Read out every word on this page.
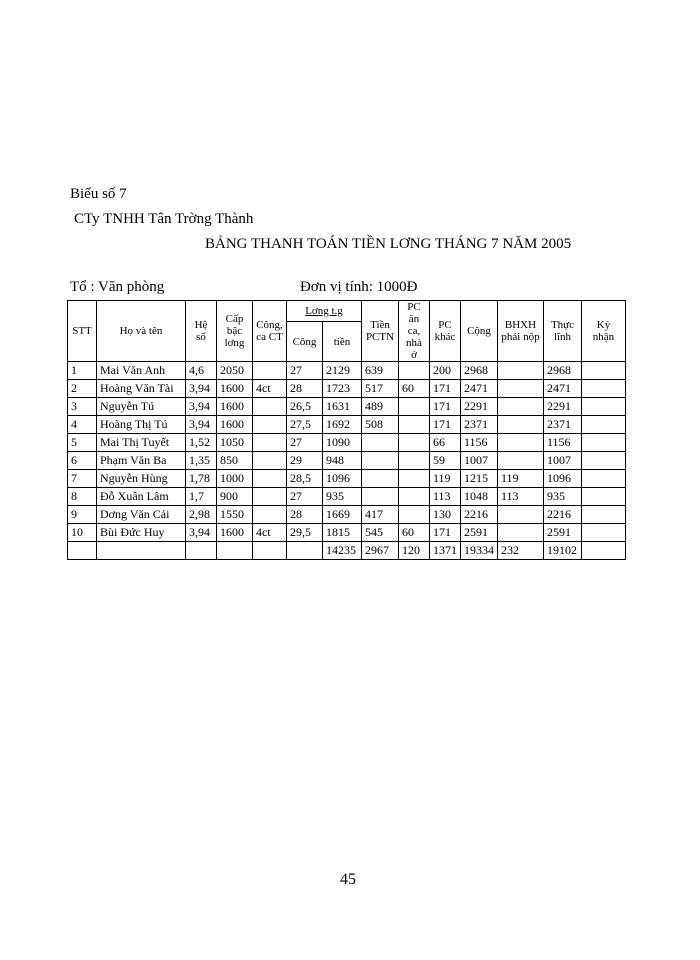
Biểu số 7
CTy TNHH Tân Trờng Thành
BẢNG THANH TOÁN TIỀN LƠNG THÁNG 7 NĂM 2005
Tổ : Văn phòng	Đơn vị tính: 1000Đ
STT	Họ và tên	Hệ số	Cấp bậc lơng	Công, ca CT	Lơng t.g		Tiền PCTN	PC ăn ca, nhà ở	PC khác	Cộng	BHXH phải nộp	Thực lĩnh	Ký nhận
					Công	tiền							
1	Mai Văn Anh	4,6	2050		27	2129	639		200	2968		2968	
2	Hoàng Văn Tài	3,94	1600	4ct	28	1723	517	60	171	2471		2471	
3	Nguyễn Tú	3,94	1600		26,5	1631	489		171	2291		2291	
4	Hoàng Thị Tú	3,94	1600		27,5	1692	508		171	2371		2371	
5	Mai Thị Tuyết	1,52	1050		27	1090			66	1156		1156	
6	Phạm Văn Ba	1,35	850		29	948			59	1007		1007	
7	Nguyễn Hùng	1,78	1000		28,5	1096			119	1215	119	1096	
8	Đỗ Xuân Lâm	1,7	900		27	935			113	1048	113	935	
9	Dơng Văn Cải	2,98	1550		28	1669	417		130	2216		2216	
10	Bùi Đức Huy	3,94	1600	4ct	29,5	1815	545	60	171	2591		2591	
						14235	2967	120	1371	19334	232	19102	
45
